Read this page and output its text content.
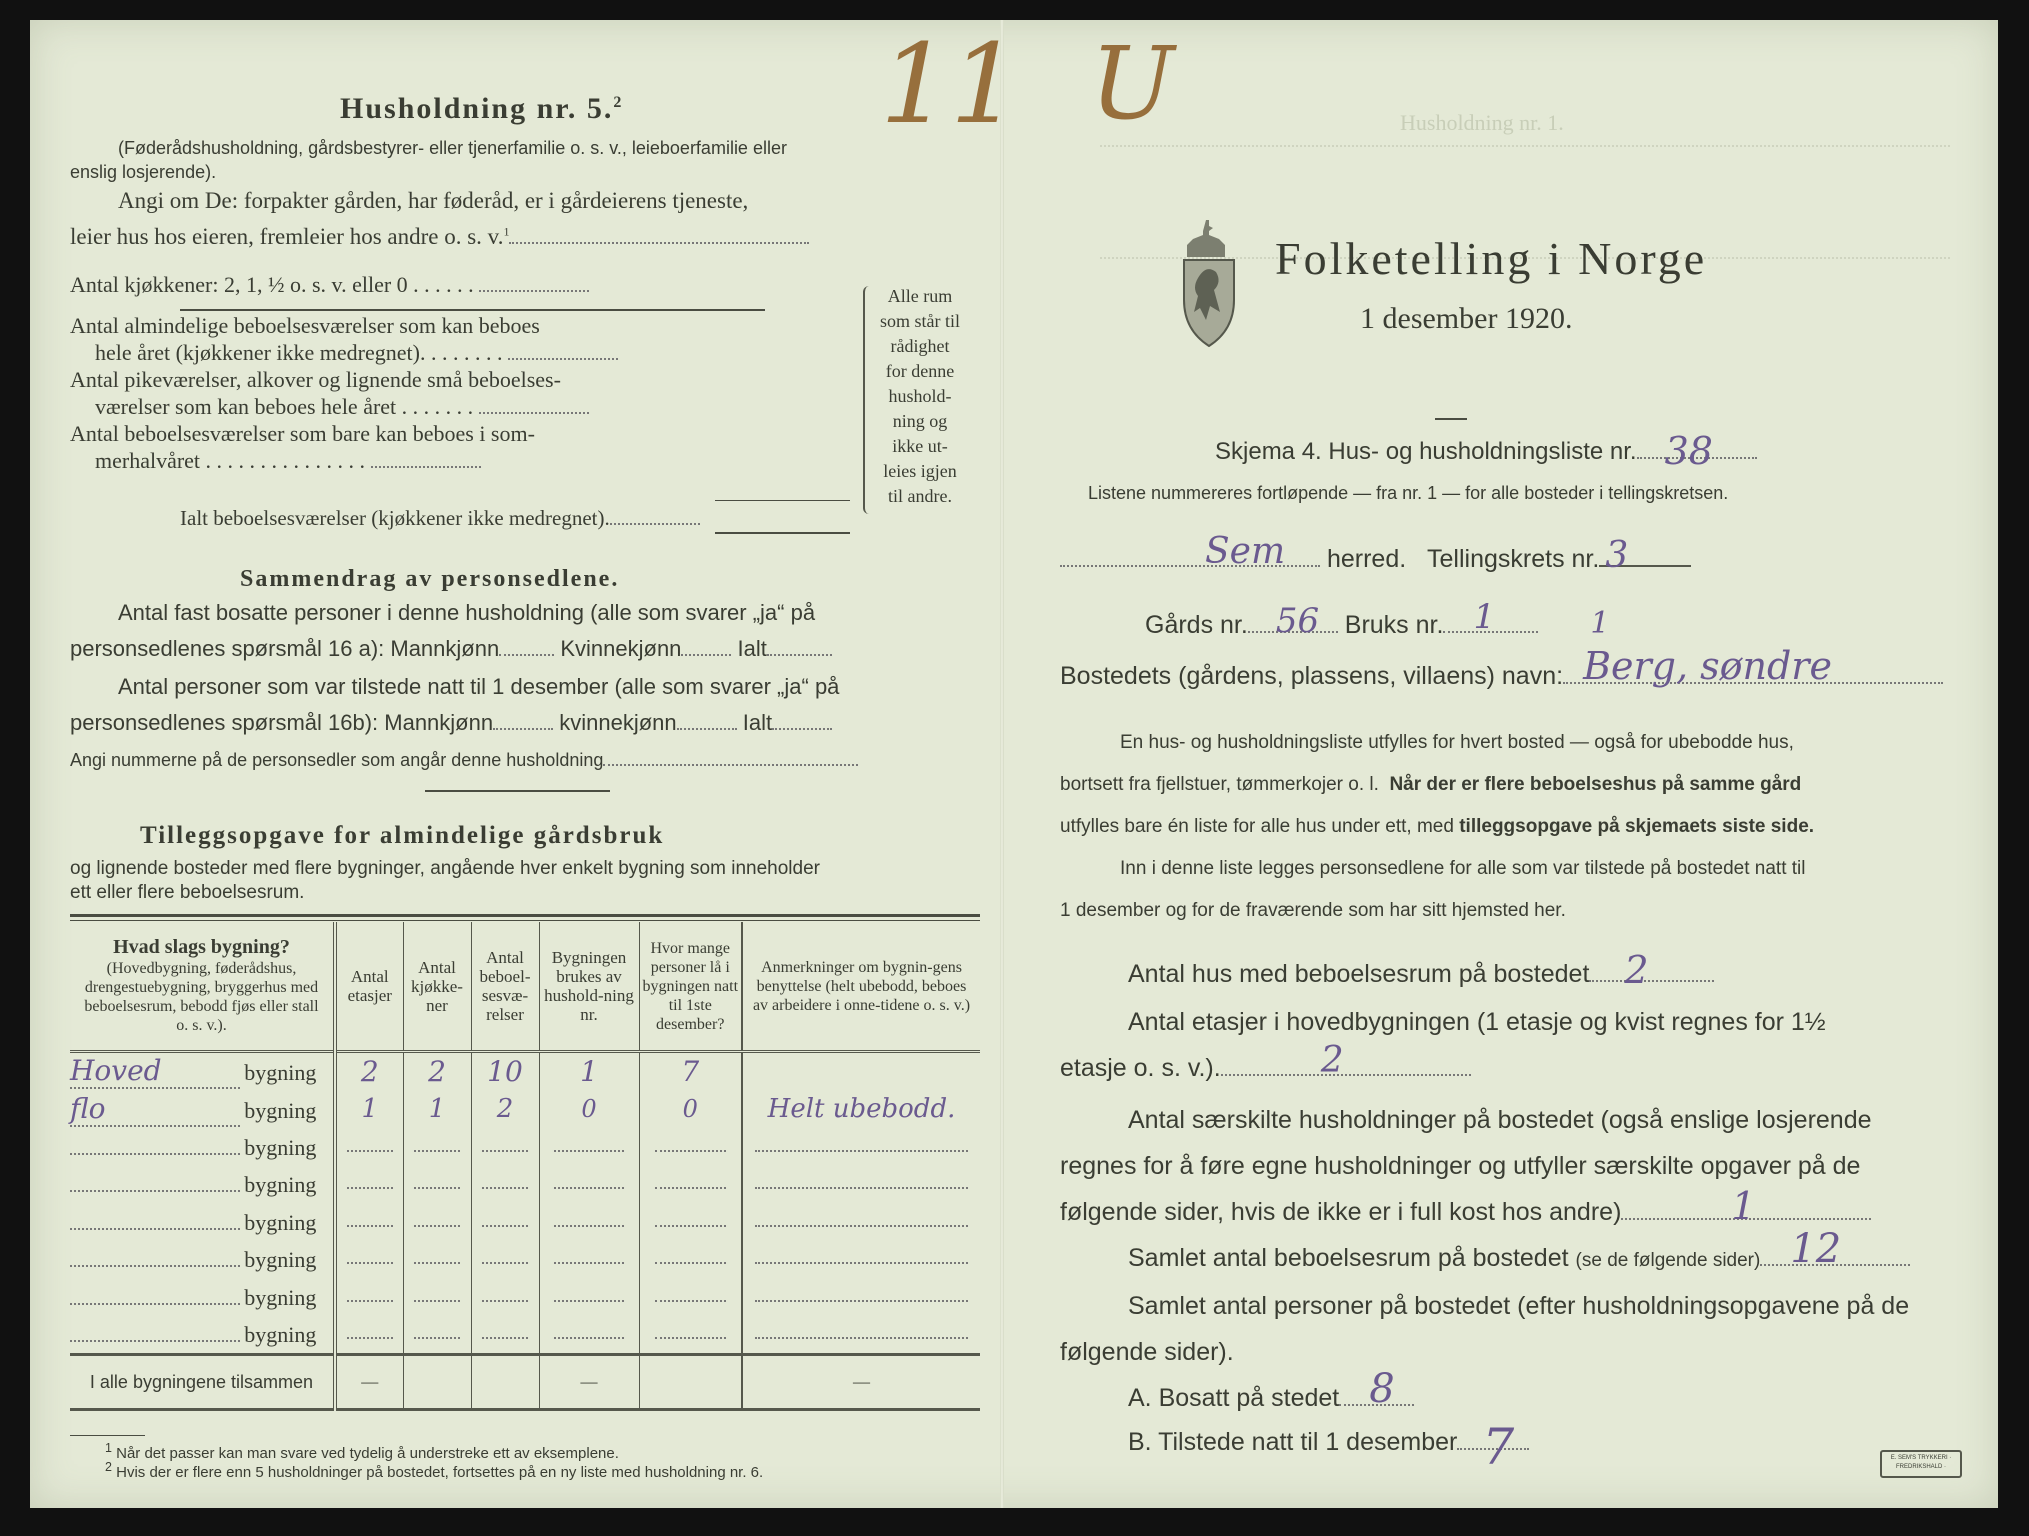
11 U
Husholdning nr. 5.$^2$
(Føderådshusholdning, gårdsbestyrer- eller tjenerfamilie o. s. v., leieboerfamilie eller
enslig losjerende).
Angi om De: forpakter gården, har føderåd, er i gårdeierens tjeneste,
leier hus hos eieren, fremleier hos andre o. s. v.$^1$
Antal kjøkkener: 2, 1, ½ o. s. v. eller 0 . . . . . .
Antal almindelige beboelsesværelser som kan beboes
hele året (kjøkkener ikke medregnet). . . . . . . .
Antal pikeværelser, alkover og lignende små beboelses-
værelser som kan beboes hele året . . . . . . .
Antal beboelsesværelser som bare kan beboes i som-
merhalvåret . . . . . . . . . . . . . . .
Ialt beboelsesværelser (kjøkkener ikke medregnet).
Alle rum
som står til
rådighet
for denne
hushold-
ning og
ikke ut-
leies igjen
til andre.
Sammendrag av personsedlene.
Antal fast bosatte personer i denne husholdning (alle som svarer „ja“ på
personsedlenes spørsmål 16 a): Mannkjønn	Kvinnekjønn	Ialt
Antal personer som var tilstede natt til 1 desember (alle som svarer „ja“ på
personsedlenes spørsmål 16b): Mannkjønn	kvinnekjønn	Ialt
Angi nummerne på de personsedler som angår denne husholdning
Tilleggsopgave for almindelige gårdsbruk
og lignende bosteder med flere bygninger, angående hver enkelt bygning som inneholder
ett eller flere beboelsesrum.
Hvad slags bygning?
(Hovedbygning, føderådshus, drengestuebygning, bryggerhus med beboelsesrum, bebodd fjøs eller stall o. s. v.).	Antal etasjer	Antal kjøkke-ner	Antal beboel-sesvæ-relser	Bygningen brukes av hushold-ning nr.	Hvor mange personer lå i bygningen natt til 1ste desember?	Anmerkninger om bygnin-gens benyttelse (helt ubebodd, beboes av arbeidere i onne-tidene o. s. v.)
Hoved bygning	2	2	10	1	7	
flo bygning	1	1	2	0	0	Helt ubebodd.
bygning						
bygning						
bygning						
bygning						
bygning						
bygning						
I alle bygningene tilsammen	—			—		—
$^1$ Når det passer kan man svare ved tydelig å understreke ett av eksemplene.
$^2$ Hvis der er flere enn 5 husholdninger på bostedet, fortsettes på en ny liste med husholdning nr. 6.
Husholdning nr. 1.
Folketelling i Norge
1 desember 1920.
Skjema 4. Hus- og husholdningsliste nr. 38
Listene nummereres fortløpende — fra nr. 1 — for alle bosteder i tellingskretsen.
Sem herred. Tellingskrets nr. 3
Gårds nr. 56 Bruks nr. 1	1
Bostedets (gårdens, plassens, villaens) navn: Berg, søndre
En hus- og husholdningsliste utfylles for hvert bosted — også for ubebodde hus,
bortsett fra fjellstuer, tømmerkojer o. l. Når der er flere beboelseshus på samme gård
utfylles bare én liste for alle hus under ett, med tilleggsopgave på skjemaets siste side.
Inn i denne liste legges personsedlene for alle som var tilstede på bostedet natt til
1 desember og for de fraværende som har sitt hjemsted her.
Antal hus med beboelsesrum på bostedet 2
Antal etasjer i hovedbygningen (1 etasje og kvist regnes for 1½
etasje o. s. v.).	2
Antal særskilte husholdninger på bostedet (også enslige losjerende
regnes for å føre egne husholdninger og utfyller særskilte opgaver på de
følgende sider, hvis de ikke er i full kost hos andre)	1
Samlet antal beboelsesrum på bostedet (se de følgende sider) 12
Samlet antal personer på bostedet (efter husholdningsopgavene på de
følgende sider).
A. Bosatt på stedet 8
B. Tilstede natt til 1 desember 7	E. SEM'S TRYKKERI · FREDRIKSHALD ·
